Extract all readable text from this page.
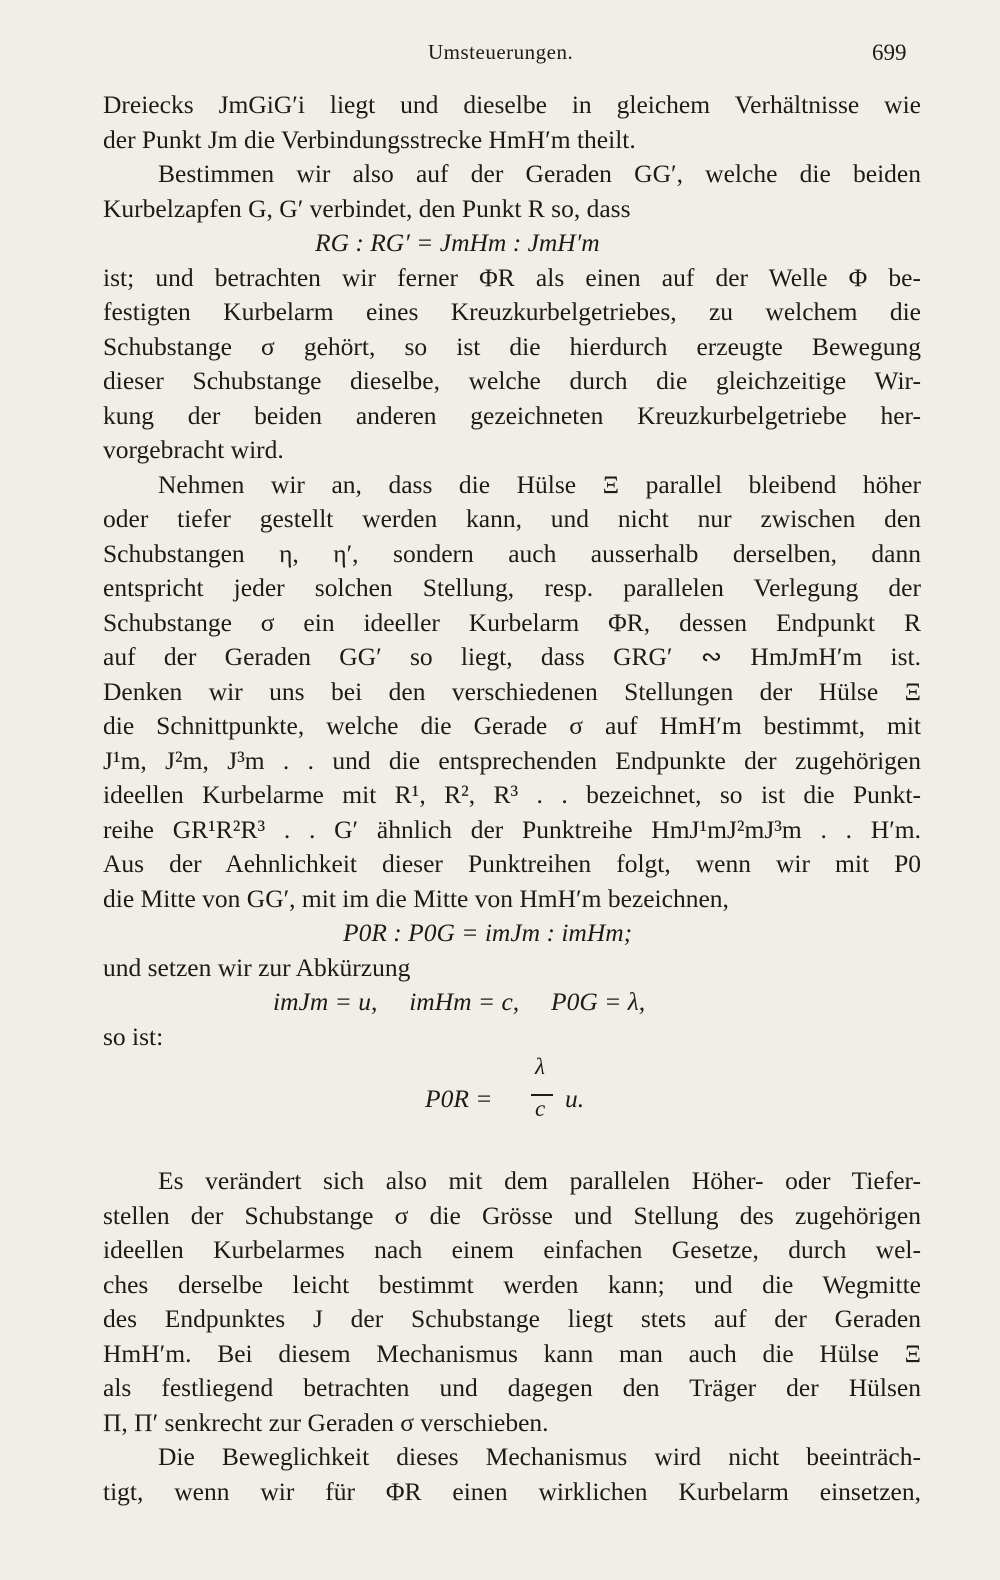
Umsteuerungen.	699
Dreiecks JmGiG′i liegt und dieselbe in gleichem Verhältnisse wie
der Punkt Jm die Verbindungsstrecke HmH′m theilt.
Bestimmen wir also auf der Geraden GG′, welche die beiden
Kurbelzapfen G, G′ verbindet, den Punkt R so, dass
RG : RG′ = JmHm : JmH′m
ist; und betrachten wir ferner ΦR als einen auf der Welle Φ be-
festigten Kurbelarm eines Kreuzkurbelgetriebes, zu welchem die
Schubstange σ gehört, so ist die hierdurch erzeugte Bewegung
dieser Schubstange dieselbe, welche durch die gleichzeitige Wir-
kung der beiden anderen gezeichneten Kreuzkurbelgetriebe her-
vorgebracht wird.
Nehmen wir an, dass die Hülse Ξ parallel bleibend höher
oder tiefer gestellt werden kann, und nicht nur zwischen den
Schubstangen η, η′, sondern auch ausserhalb derselben, dann
entspricht jeder solchen Stellung, resp. parallelen Verlegung der
Schubstange σ ein ideeller Kurbelarm ΦR, dessen Endpunkt R
auf der Geraden GG′ so liegt, dass GRG′ ∾ HmJmH′m ist.
Denken wir uns bei den verschiedenen Stellungen der Hülse Ξ
die Schnittpunkte, welche die Gerade σ auf HmH′m bestimmt, mit
J¹m, J²m, J³m . . und die entsprechenden Endpunkte der zugehörigen
ideellen Kurbelarme mit R¹, R², R³ . . bezeichnet, so ist die Punkt-
reihe GR¹R²R³ . . G′ ähnlich der Punktreihe HmJ¹mJ²mJ³m . . H′m.
Aus der Aehnlichkeit dieser Punktreihen folgt, wenn wir mit P0
die Mitte von GG′, mit im die Mitte von HmH′m bezeichnen,
P0R : P0G = imJm : imHm;
und setzen wir zur Abkürzung
imJm = u,     imHm = c,     P0G = λ,
so ist:
P0R =
λ
c u.
Es verändert sich also mit dem parallelen Höher- oder Tiefer-
stellen der Schubstange σ die Grösse und Stellung des zugehörigen
ideellen Kurbelarmes nach einem einfachen Gesetze, durch wel-
ches derselbe leicht bestimmt werden kann; und die Wegmitte
des Endpunktes J der Schubstange liegt stets auf der Geraden
HmH′m. Bei diesem Mechanismus kann man auch die Hülse Ξ
als festliegend betrachten und dagegen den Träger der Hülsen
Π, Π′ senkrecht zur Geraden σ verschieben.
Die Beweglichkeit dieses Mechanismus wird nicht beeinträch-
tigt, wenn wir für ΦR einen wirklichen Kurbelarm einsetzen,
